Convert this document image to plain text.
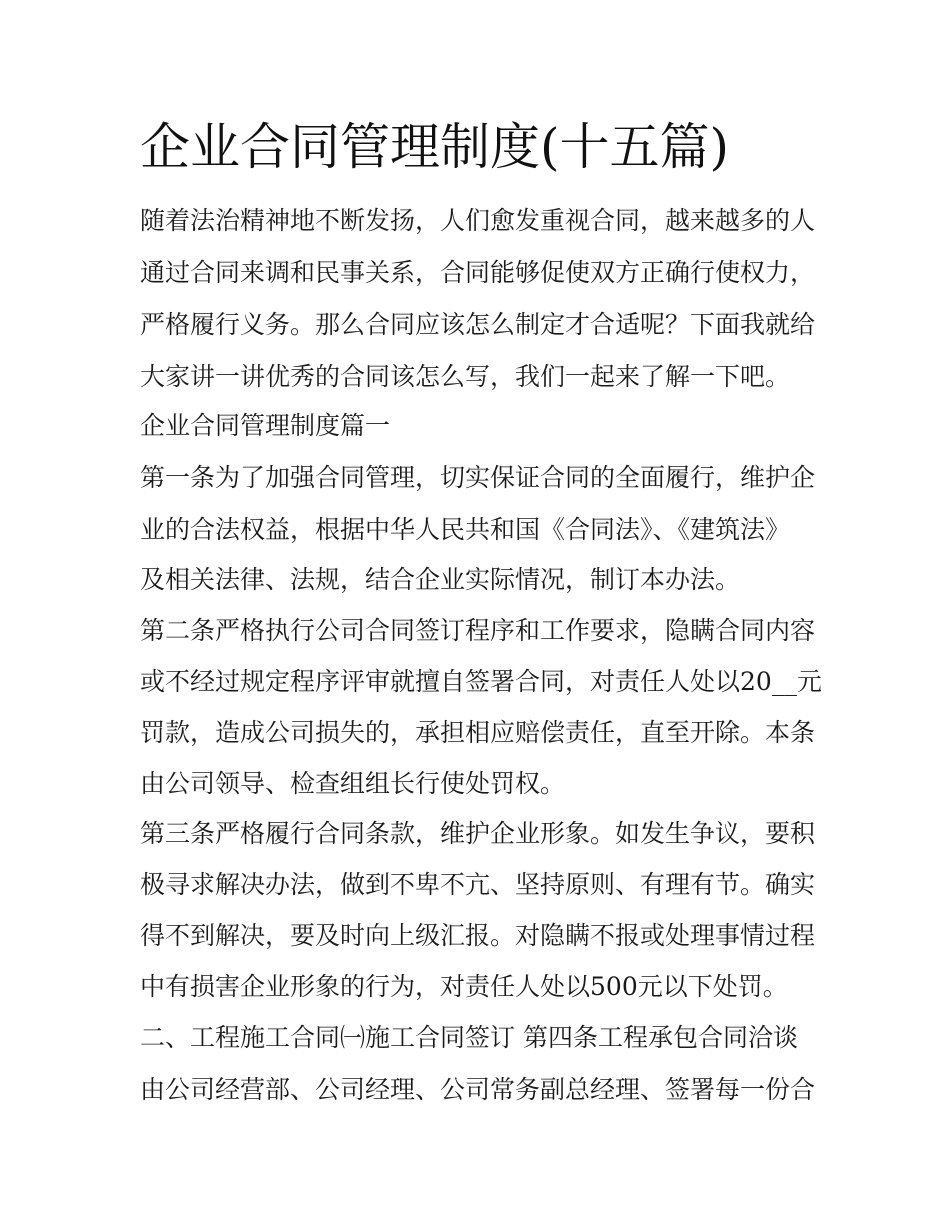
企业合同管理制度(十五篇)
随着法治精神地不断发扬，人们愈发重视合同，越来越多的人
通过合同来调和民事关系，合同能够促使双方正确行使权力，
严格履行义务。那么合同应该怎么制定才合适呢？下面我就给
大家讲一讲优秀的合同该怎么写，我们一起来了解一下吧。
企业合同管理制度篇一
第一条为了加强合同管理，切实保证合同的全面履行，维护企
业的合法权益，根据中华人民共和国《合同法》、《建筑法》
及相关法律、法规，结合企业实际情况，制订本办法。
第二条严格执行公司合同签订程序和工作要求，隐瞒合同内容
或不经过规定程序评审就擅自签署合同，对责任人处以20__元
罚款，造成公司损失的，承担相应赔偿责任，直至开除。本条
由公司领导、检查组组长行使处罚权。
第三条严格履行合同条款，维护企业形象。如发生争议，要积
极寻求解决办法，做到不卑不亢、坚持原则、有理有节。确实
得不到解决，要及时向上级汇报。对隐瞒不报或处理事情过程
中有损害企业形象的行为，对责任人处以500元以下处罚。
二、工程施工合同㈠施工合同签订 第四条工程承包合同洽谈
由公司经营部、公司经理、公司常务副总经理、签署每一份合
